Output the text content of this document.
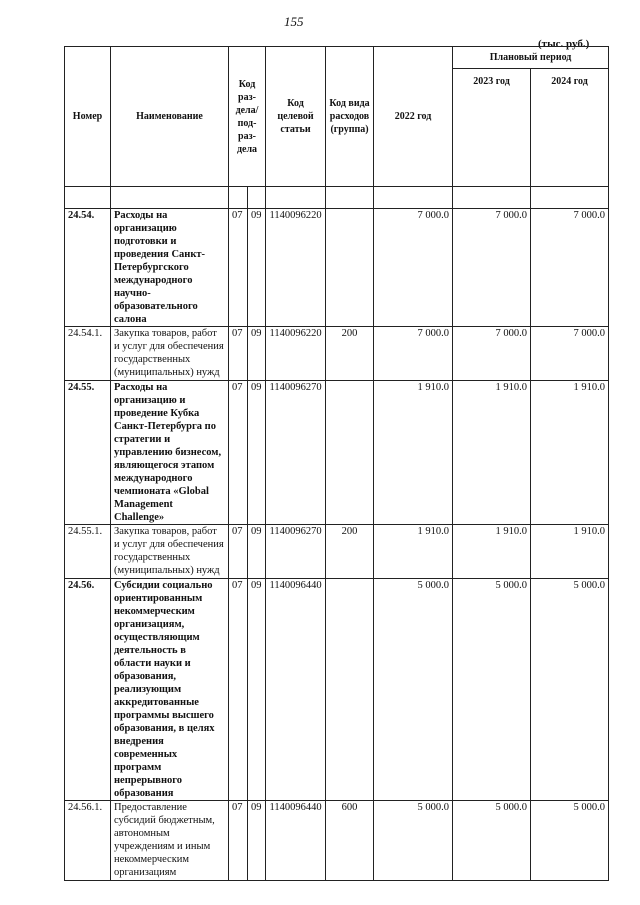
155
(тыс. руб.)
Номер	Наименование	Код раз-дела/ под-раз-дела		Код целевой статьи	Код вида расходов (группа)	2022 год	Плановый период	
							2023 год	2024 год

24.54.	Расходы на организацию подготовки и проведения Санкт-Петербургского международного научно-образовательного салона	07	09	1140096220		7 000.0	7 000.0	7 000.0
24.54.1.	Закупка товаров, работ и услуг для обеспечения государственных (муниципальных) нужд	07	09	1140096220	200	7 000.0	7 000.0	7 000.0
24.55.	Расходы на организацию и проведение Кубка Санкт-Петербурга по стратегии и управлению бизнесом, являющегося этапом международного чемпионата «Global Management Challenge»	07	09	1140096270		1 910.0	1 910.0	1 910.0
24.55.1.	Закупка товаров, работ и услуг для обеспечения государственных (муниципальных) нужд	07	09	1140096270	200	1 910.0	1 910.0	1 910.0
24.56.	Субсидии социально ориентированным некоммерческим организациям, осуществляющим деятельность в области науки и образования, реализующим аккредитованные программы высшего образования, в целях внедрения современных программ непрерывного образования	07	09	1140096440		5 000.0	5 000.0	5 000.0
24.56.1.	Предоставление субсидий бюджетным, автономным учреждениям и иным некоммерческим организациям	07	09	1140096440	600	5 000.0	5 000.0	5 000.0
